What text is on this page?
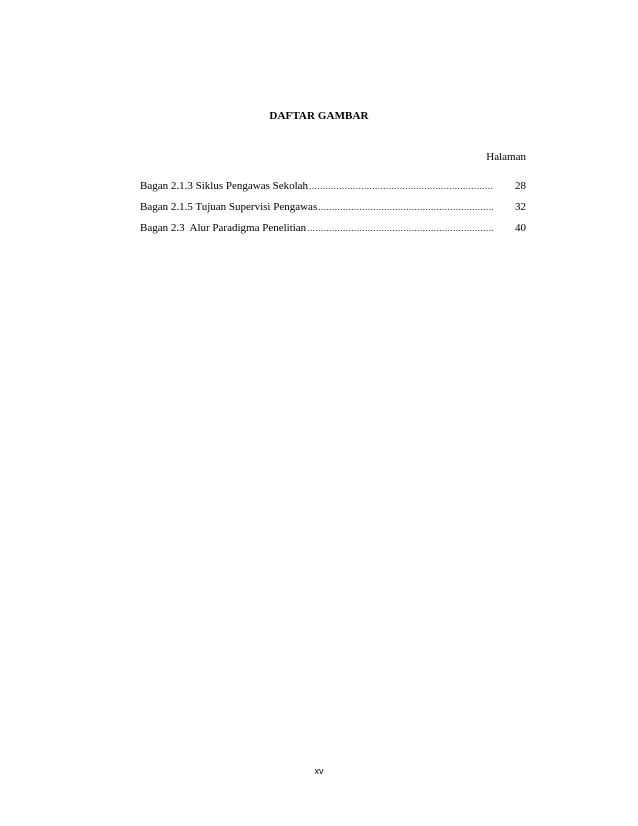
DAFTAR GAMBAR
Halaman
Bagan 2.1.3 Siklus Pengawas Sekolah .....	28
Bagan 2.1.5 Tujuan Supervisi Pengawas .....	32
Bagan 2.3  Alur Paradigma Penelitian .....	40
xv
